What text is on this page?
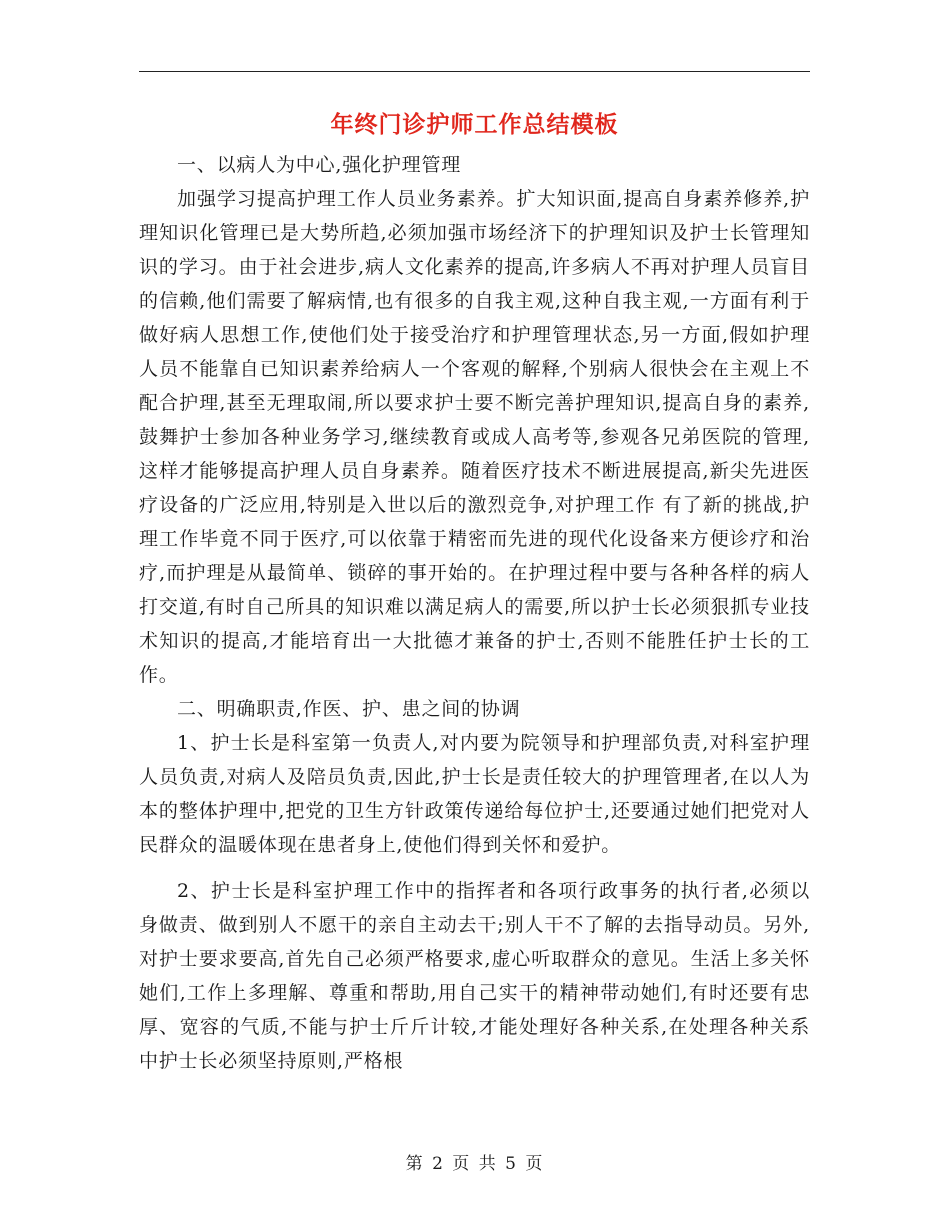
年终门诊护师工作总结模板

一、以病人为中心,强化护理管理

加强学习提高护理工作人员业务素养。扩大知识面,提高自身素养修养,护理知识化管理已是大势所趋,必须加强市场经济下的护理知识及护士长管理知识的学习。由于社会进步,病人文化素养的提高,许多病人不再对护理人员盲目的信赖,他们需要了解病情,也有很多的自我主观,这种自我主观,一方面有利于做好病人思想工作,使他们处于接受治疗和护理管理状态,另一方面,假如护理人员不能靠自已知识素养给病人一个客观的解释,个别病人很快会在主观上不配合护理,甚至无理取闹,所以要求护士要不断完善护理知识,提高自身的素养,鼓舞护士参加各种业务学习,继续教育或成人高考等,参观各兄弟医院的管理,这样才能够提高护理人员自身素养。随着医疗技术不断进展提高,新尖先进医疗设备的广泛应用,特别是入世以后的激烈竞争,对护理工作 有了新的挑战,护理工作毕竟不同于医疗,可以依靠于精密而先进的现代化设备来方便诊疗和治疗,而护理是从最简单、锁碎的事开始的。在护理过程中要与各种各样的病人打交道,有时自己所具的知识难以满足病人的需要,所以护士长必须狠抓专业技术知识的提高,才能培育出一大批德才兼备的护士,否则不能胜任护士长的工作。

二、明确职责,作医、护、患之间的协调

1、护士长是科室第一负责人,对内要为院领导和护理部负责,对科室护理人员负责,对病人及陪员负责,因此,护士长是责任较大的护理管理者,在以人为本的整体护理中,把党的卫生方针政策传递给每位护士,还要通过她们把党对人民群众的温暖体现在患者身上,使他们得到关怀和爱护。

2、护士长是科室护理工作中的指挥者和各项行政事务的执行者,必须以身做责、做到别人不愿干的亲自主动去干;别人干不了解的去指导动员。另外,对护士要求要高,首先自己必须严格要求,虚心听取群众的意见。生活上多关怀她们,工作上多理解、尊重和帮助,用自己实干的精神带动她们,有时还要有忠厚、宽容的气质,不能与护士斤斤计较,才能处理好各种关系,在处理各种关系中护士长必须坚持原则,严格根

第 2 页 共 5 页
